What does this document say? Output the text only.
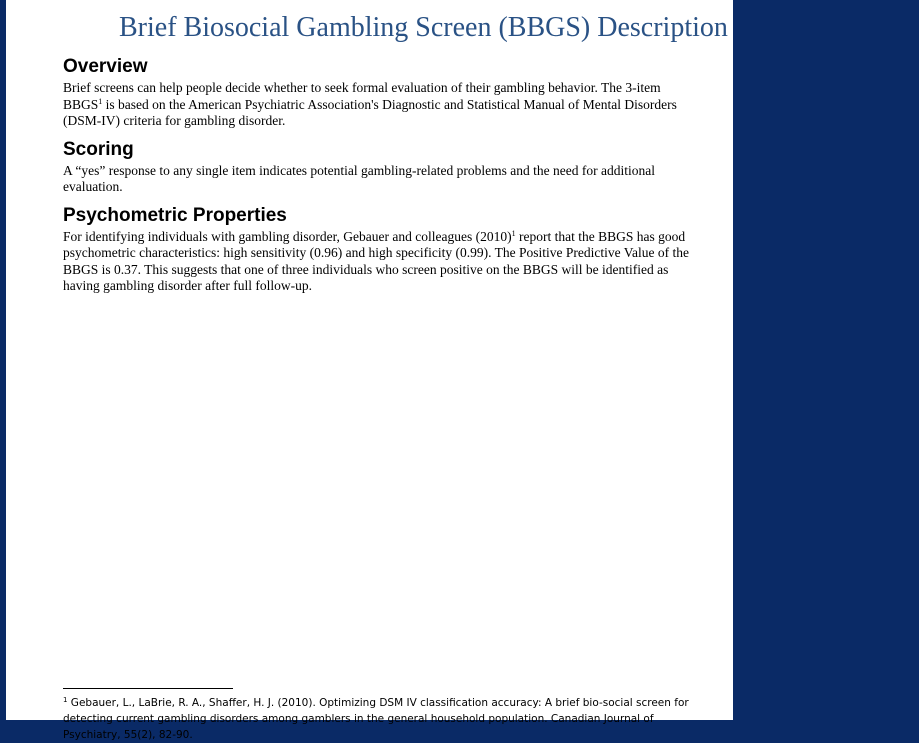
Brief Biosocial Gambling Screen (BBGS) Description
Overview

Brief screens can help people decide whether to seek formal evaluation of their gambling behavior. The 3-item BBGS$^1$ is based on the American Psychiatric Association's Diagnostic and Statistical Manual of Mental Disorders (DSM-IV) criteria for gambling disorder.

Scoring

A “yes” response to any single item indicates potential gambling-related problems and the need for additional evaluation.

Psychometric Properties

For identifying individuals with gambling disorder, Gebauer and colleagues $(2010)^1$ report that the BBGS has good psychometric characteristics: high sensitivity (0.96) and high specificity (0.99). The Positive Predictive Value of the BBGS is 0.37. This suggests that one of three individuals who screen positive on the BBGS will be identified as having gambling disorder after full follow-up.

$^1$ Gebauer, L., LaBrie, R. A., Shaffer, H. J. (2010). Optimizing DSM IV classification accuracy: A brief bio-social screen for detecting current gambling disorders among gamblers in the general household population. Canadian Journal of Psychiatry, 55(2), 82-90.
